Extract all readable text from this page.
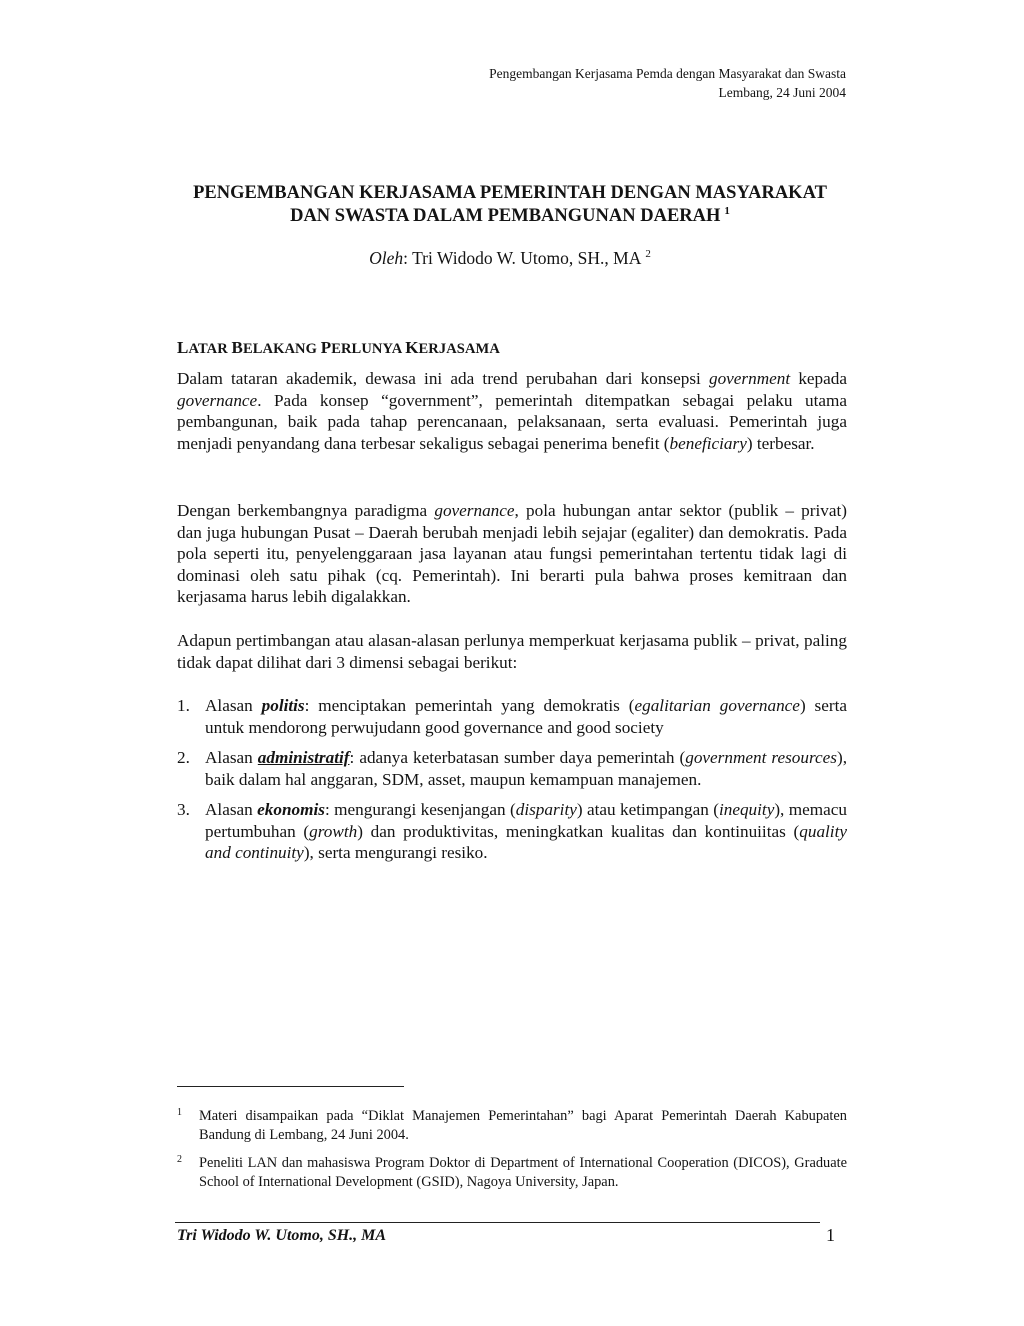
Pengembangan Kerjasama Pemda dengan Masyarakat dan Swasta
Lembang, 24 Juni 2004
PENGEMBANGAN KERJASAMA PEMERINTAH DENGAN MASYARAKAT
DAN SWASTA DALAM PEMBANGUNAN DAERAH $^1$
Oleh: Tri Widodo W. Utomo, SH., MA $^2$
LATAR BELAKANG PERLUNYA KERJASAMA

Dalam tataran akademik, dewasa ini ada trend perubahan dari konsepsi government kepada governance. Pada konsep “government”, pemerintah ditempatkan sebagai pelaku utama pembangunan, baik pada tahap perencanaan, pelaksanaan, serta evaluasi. Pemerintah juga menjadi penyandang dana terbesar sekaligus sebagai penerima benefit (beneficiary) terbesar.

Dengan berkembangnya paradigma governance, pola hubungan antar sektor (publik – privat) dan juga hubungan Pusat – Daerah berubah menjadi lebih sejajar (egaliter) dan demokratis. Pada pola seperti itu, penyelenggaraan jasa layanan atau fungsi pemerintahan tertentu tidak lagi di dominasi oleh satu pihak (cq. Pemerintah). Ini berarti pula bahwa proses kemitraan dan kerjasama harus lebih digalakkan.

Adapun pertimbangan atau alasan-alasan perlunya memperkuat kerjasama publik – privat, paling tidak dapat dilihat dari 3 dimensi sebagai berikut:

1. Alasan politis: menciptakan pemerintah yang demokratis (egalitarian governance) serta untuk mendorong perwujudann good governance and good society
2. Alasan administratif: adanya keterbatasan sumber daya pemerintah (government resources), baik dalam hal anggaran, SDM, asset, maupun kemampuan manajemen.
3. Alasan ekonomis: mengurangi kesenjangan (disparity) atau ketimpangan (inequity), memacu pertumbuhan (growth) dan produktivitas, meningkatkan kualitas dan kontinuiitas (quality and continuity), serta mengurangi resiko.
1 Materi disampaikan pada “Diklat Manajemen Pemerintahan” bagi Aparat Pemerintah Daerah Kabupaten Bandung di Lembang, 24 Juni 2004.
2 Peneliti LAN dan mahasiswa Program Doktor di Department of International Cooperation (DICOS), Graduate School of International Development (GSID), Nagoya University, Japan.
Tri Widodo W. Utomo, SH., MA	1
